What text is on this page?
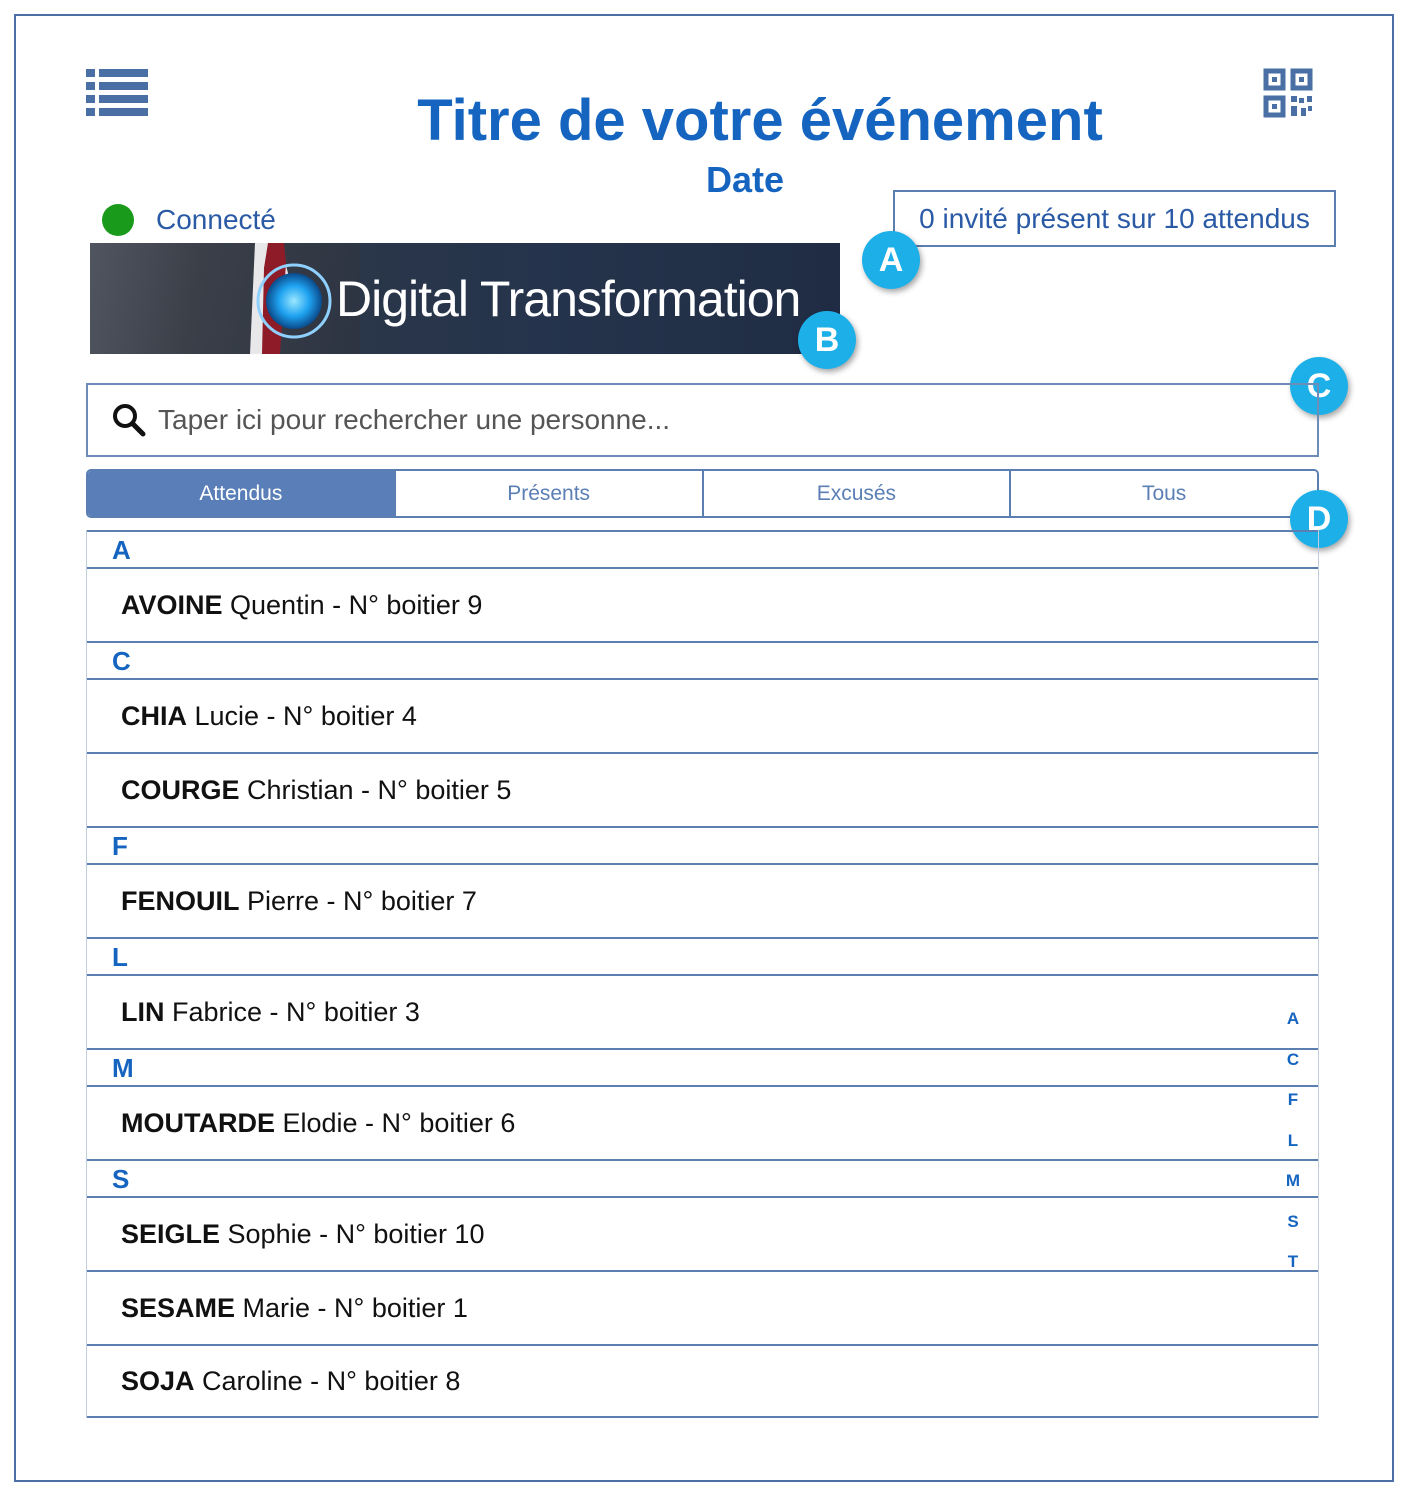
Titre de votre événement
Date
Connecté	0 invité présent sur 10 attendus
Digital Transformation
A
B
C
Taper ici pour rechercher une personne...
Attendus	Présents	Excusés	Tous
D
A
AVOINE Quentin - N° boitier 9
C
CHIA Lucie - N° boitier 4
COURGE Christian - N° boitier 5
F
FENOUIL Pierre - N° boitier 7
L
LIN Fabrice - N° boitier 3
M
MOUTARDE Elodie - N° boitier 6
S
SEIGLE Sophie - N° boitier 10
SESAME Marie - N° boitier 1
SOJA Caroline - N° boitier 8
A
C
F
L
M
S
T
